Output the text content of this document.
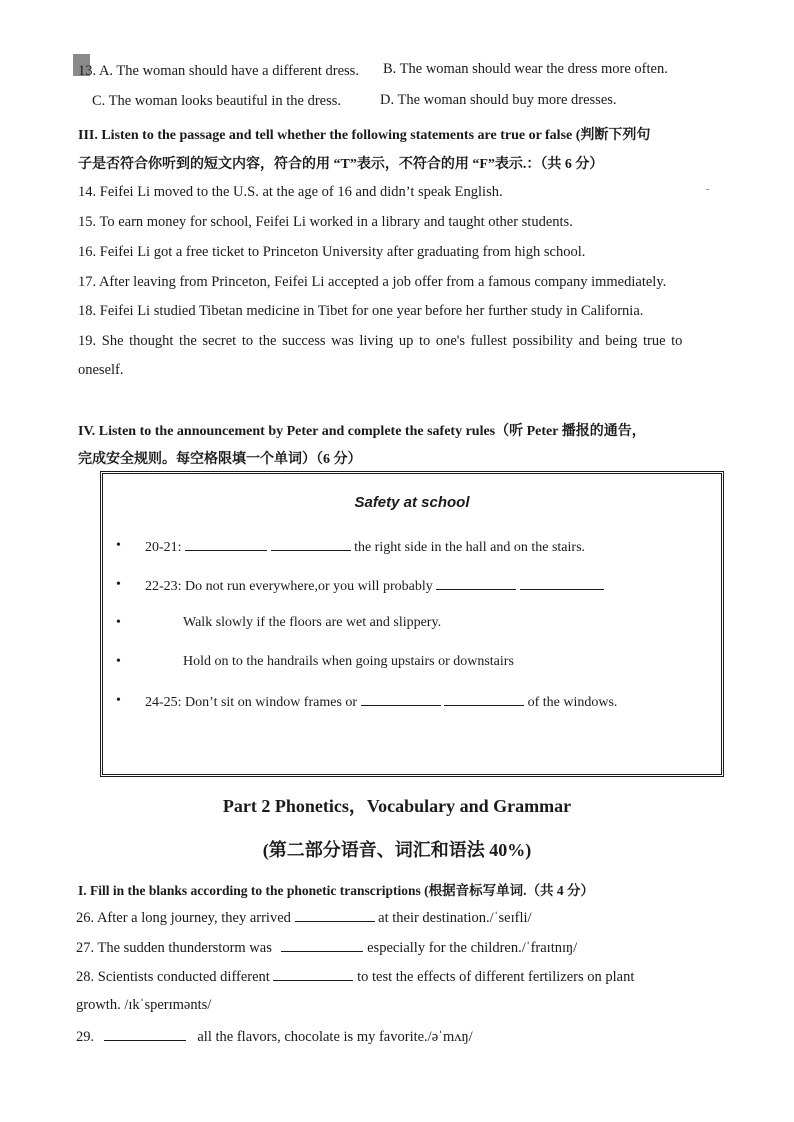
13. A. The woman should have a different dress. B. The woman should wear the dress more often.
C. The woman looks beautiful in the dress.	D. The woman should buy more dresses.
III. Listen to the passage and tell whether the following statements are true or false (判断下列句
子是否符合你听到的短文内容，符合的用 “T”表示，不符合的用 “F”表示.：（共 6 分）
14. Feifei Li moved to the U.S. at the age of 16 and didn’t speak English.
15. To earn money for school, Feifei Li worked in a library and taught other students.
16. Feifei Li got a free ticket to Princeton University after graduating from high school.
17. After leaving from Princeton, Feifei Li accepted a job offer from a famous company immediately.
18. Feifei Li studied Tibetan medicine in Tibet for one year before her further study in California.
19. She thought the secret to the success was living up to one's fullest possibility and being true to
oneself.
IV. Listen to the announcement by Peter and complete the safety rules（听 Peter 播报的通告，
完成安全规则。每空格限填一个单词）（6 分）
Safety at school
• 20-21:	the right side in the hall and on the stairs.
• 22-23: Do not run everywhere,or you will probably
•	Walk slowly if the floors are wet and slippery.
•	Hold on to the handrails when going upstairs or downstairs
• 24-25: Don’t sit on window frames or	of the windows.
Part 2 Phonetics，Vocabulary and Grammar
(第二部分语音、词汇和语法 40%)
I. Fill in the blanks according to the phonetic transcriptions (根据音标写单词.（共 4 分）
26. After a long journey, they arrived	at their destination./ˈseɪfli/
27. The sudden thunderstorm was	especially for the children./ˈfraɪtnɪŋ/
28. Scientists conducted different	to test the effects of different fertilizers on plant
growth. /ɪkˈsperɪmənts/
29.	all the flavors, chocolate is my favorite./əˈmʌŋ/
